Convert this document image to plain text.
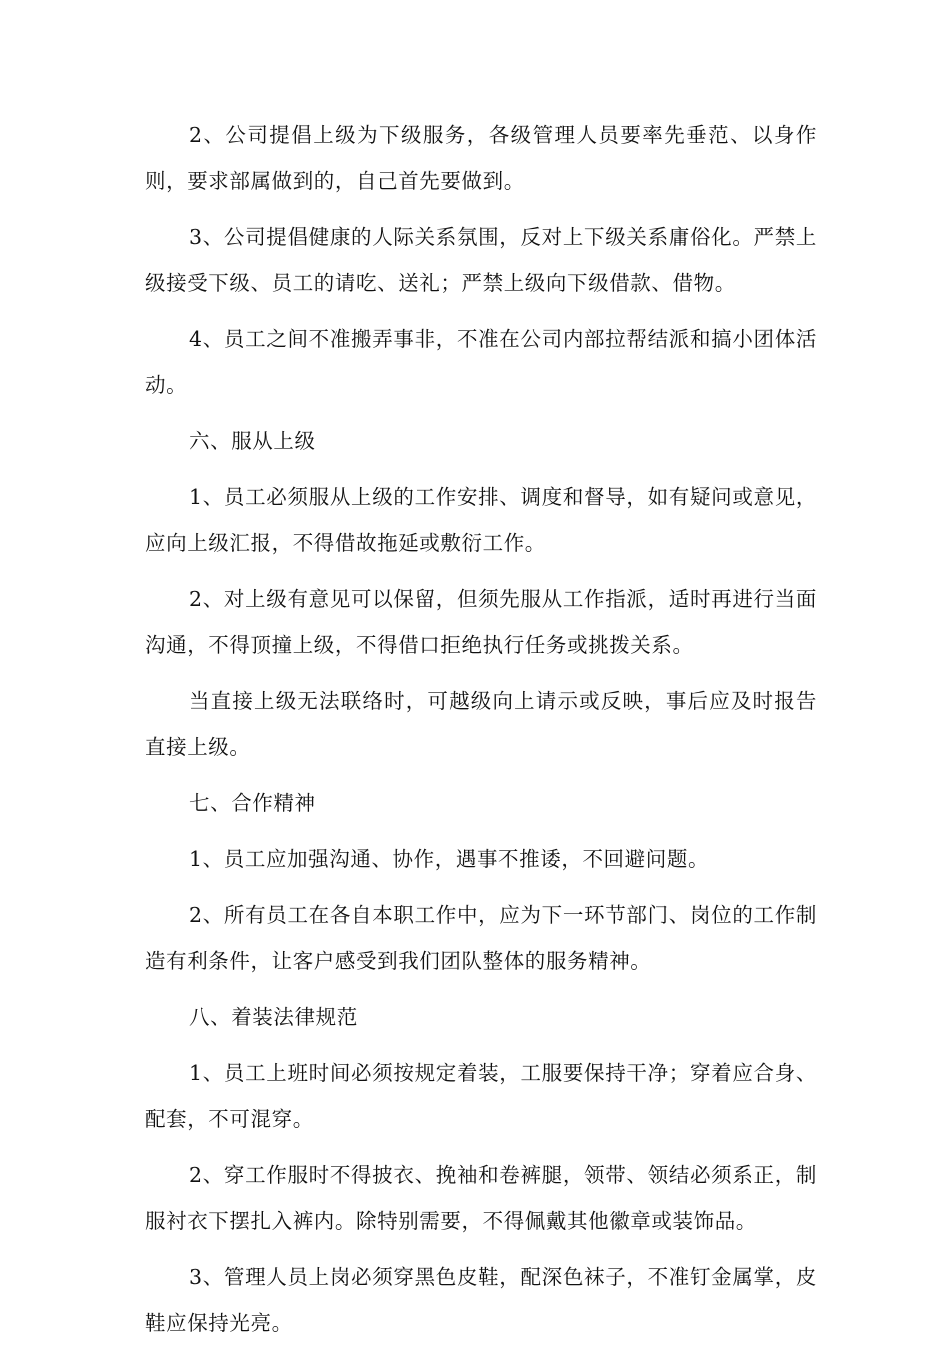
2、公司提倡上级为下级服务，各级管理人员要率先垂范、以身作则，要求部属做到的，自己首先要做到。

3、公司提倡健康的人际关系氛围，反对上下级关系庸俗化。严禁上级接受下级、员工的请吃、送礼；严禁上级向下级借款、借物。

4、员工之间不准搬弄事非，不准在公司内部拉帮结派和搞小团体活动。

六、服从上级

1、员工必须服从上级的工作安排、调度和督导，如有疑问或意见，应向上级汇报，不得借故拖延或敷衍工作。

2、对上级有意见可以保留，但须先服从工作指派，适时再进行当面沟通，不得顶撞上级，不得借口拒绝执行任务或挑拨关系。

当直接上级无法联络时，可越级向上请示或反映，事后应及时报告直接上级。

七、合作精神

1、员工应加强沟通、协作，遇事不推诿，不回避问题。

2、所有员工在各自本职工作中，应为下一环节部门、岗位的工作制造有利条件，让客户感受到我们团队整体的服务精神。

八、着装法律规范

1、员工上班时间必须按规定着装，工服要保持干净；穿着应合身、配套，不可混穿。

2、穿工作服时不得披衣、挽袖和卷裤腿，领带、领结必须系正，制服衬衣下摆扎入裤内。除特别需要，不得佩戴其他徽章或装饰品。

3、管理人员上岗必须穿黑色皮鞋，配深色袜子，不准钉金属掌，皮鞋应保持光亮。
